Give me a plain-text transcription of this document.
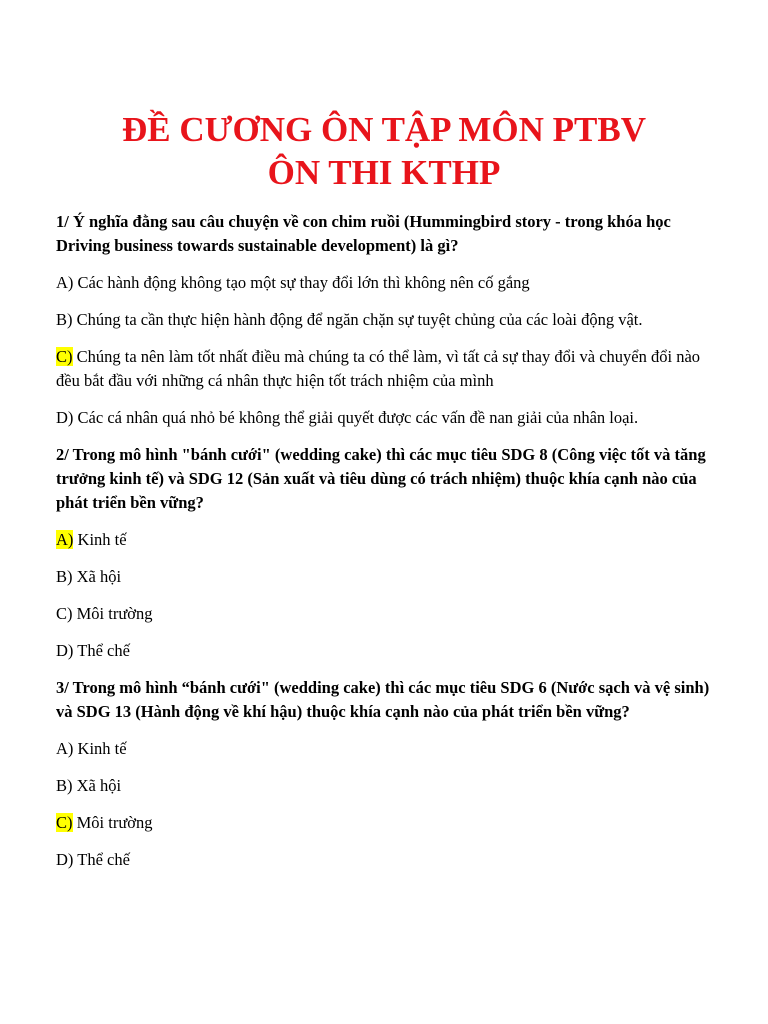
ĐỀ CƯƠNG ÔN TẬP MÔN PTBV
ÔN THI KTHP

1/ Ý nghĩa đằng sau câu chuyện về con chim ruồi (Hummingbird story - trong khóa học Driving business towards sustainable development) là gì?

A) Các hành động không tạo một sự thay đổi lớn thì không nên cố gắng

B) Chúng ta cần thực hiện hành động để ngăn chặn sự tuyệt chủng của các loài động vật.

C) Chúng ta nên làm tốt nhất điều mà chúng ta có thể làm, vì tất cả sự thay đổi và chuyển đổi nào đều bắt đầu với những cá nhân thực hiện tốt trách nhiệm của mình

D) Các cá nhân quá nhỏ bé không thể giải quyết được các vấn đề nan giải của nhân loại.

2/ Trong mô hình "bánh cưới" (wedding cake) thì các mục tiêu SDG 8 (Công việc tốt và tăng trưởng kinh tế) và SDG 12 (Sản xuất và tiêu dùng có trách nhiệm) thuộc khía cạnh nào của phát triển bền vững?

A) Kinh tế

B) Xã hội

C) Môi trường

D) Thể chế

3/ Trong mô hình “bánh cưới" (wedding cake) thì các mục tiêu SDG 6 (Nước sạch và vệ sinh) và SDG 13 (Hành động về khí hậu) thuộc khía cạnh nào của phát triển bền vững?

A) Kinh tế

B) Xã hội

C) Môi trường

D) Thể chế
